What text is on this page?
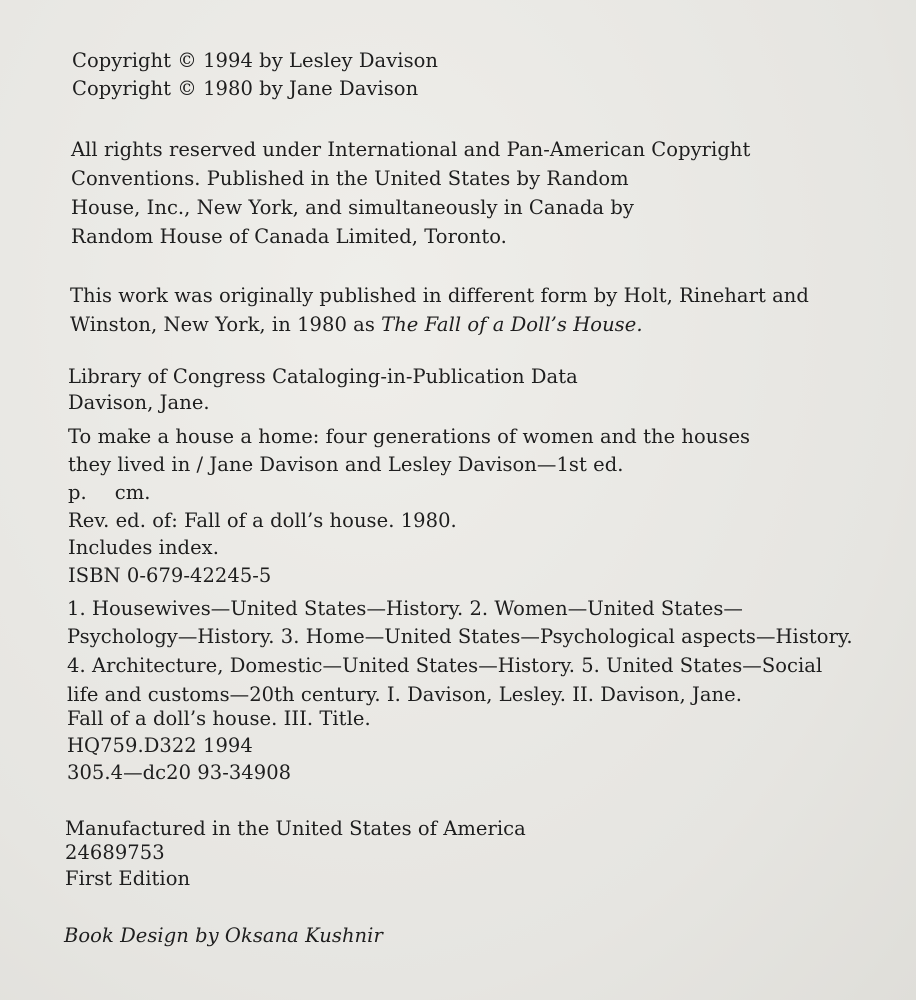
Copyright © 1994 by Lesley Davison
Copyright © 1980 by Jane Davison
All rights reserved under International and Pan-American Copyright
Conventions. Published in the United States by Random
House, Inc., New York, and simultaneously in Canada by
Random House of Canada Limited, Toronto.
This work was originally published in different form by Holt, Rinehart and
Winston, New York, in 1980 as The Fall of a Doll’s House.
Library of Congress Cataloging-in-Publication Data
Davison, Jane.
To make a house a home: four generations of women and the houses
they lived in / Jane Davison and Lesley Davison—1st ed.
p. cm.
Rev. ed. of: Fall of a doll’s house. 1980.
Includes index.
ISBN 0-679-42245-5
1. Housewives—United States—History. 2. Women—United States—
Psychology—History. 3. Home—United States—Psychological aspects—History.
4. Architecture, Domestic—United States—History. 5. United States—Social
life and customs—20th century. I. Davison, Lesley. II. Davison, Jane.
Fall of a doll’s house. III. Title.
HQ759.D322 1994
305.4—dc20 93-34908
Manufactured in the United States of America
24689753
First Edition
Book Design by Oksana Kushnir
